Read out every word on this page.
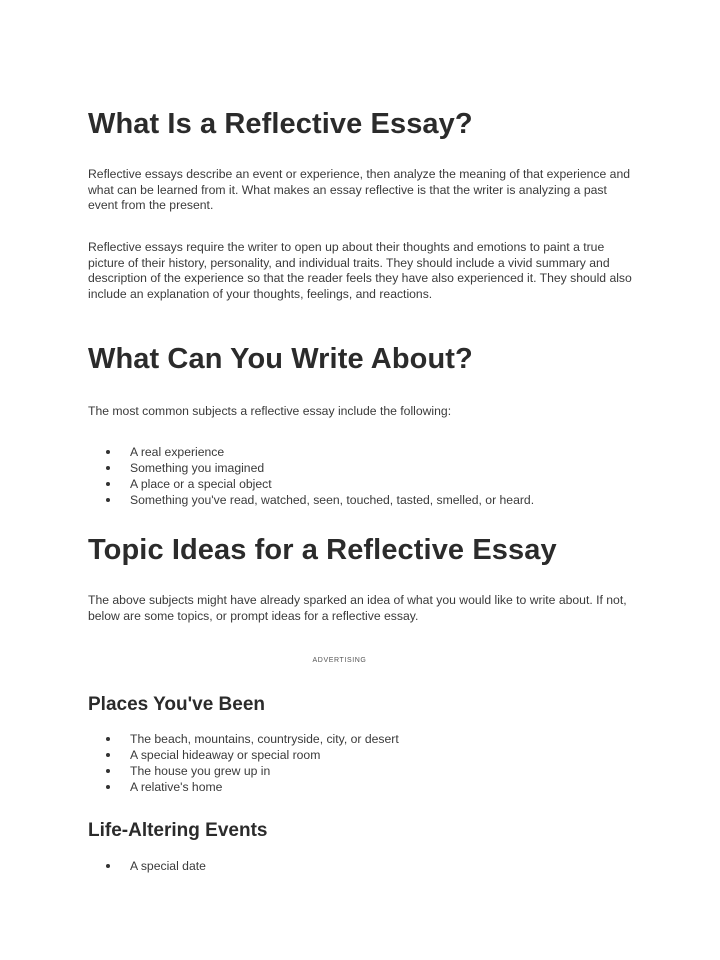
What Is a Reflective Essay?

Reflective essays describe an event or experience, then analyze the meaning of that experience and what can be learned from it. What makes an essay reflective is that the writer is analyzing a past event from the present.

Reflective essays require the writer to open up about their thoughts and emotions to paint a true picture of their history, personality, and individual traits. They should include a vivid summary and description of the experience so that the reader feels they have also experienced it. They should also include an explanation of your thoughts, feelings, and reactions.

What Can You Write About?

The most common subjects a reflective essay include the following:

A real experience
Something you imagined
A place or a special object
Something you've read, watched, seen, touched, tasted, smelled, or heard.
Topic Ideas for a Reflective Essay

The above subjects might have already sparked an idea of what you would like to write about. If not, below are some topics, or prompt ideas for a reflective essay.

ADVERTISING
Places You've Been
The beach, mountains, countryside, city, or desert
A special hideaway or special room
The house you grew up in
A relative's home
Life-Altering Events
A special date
